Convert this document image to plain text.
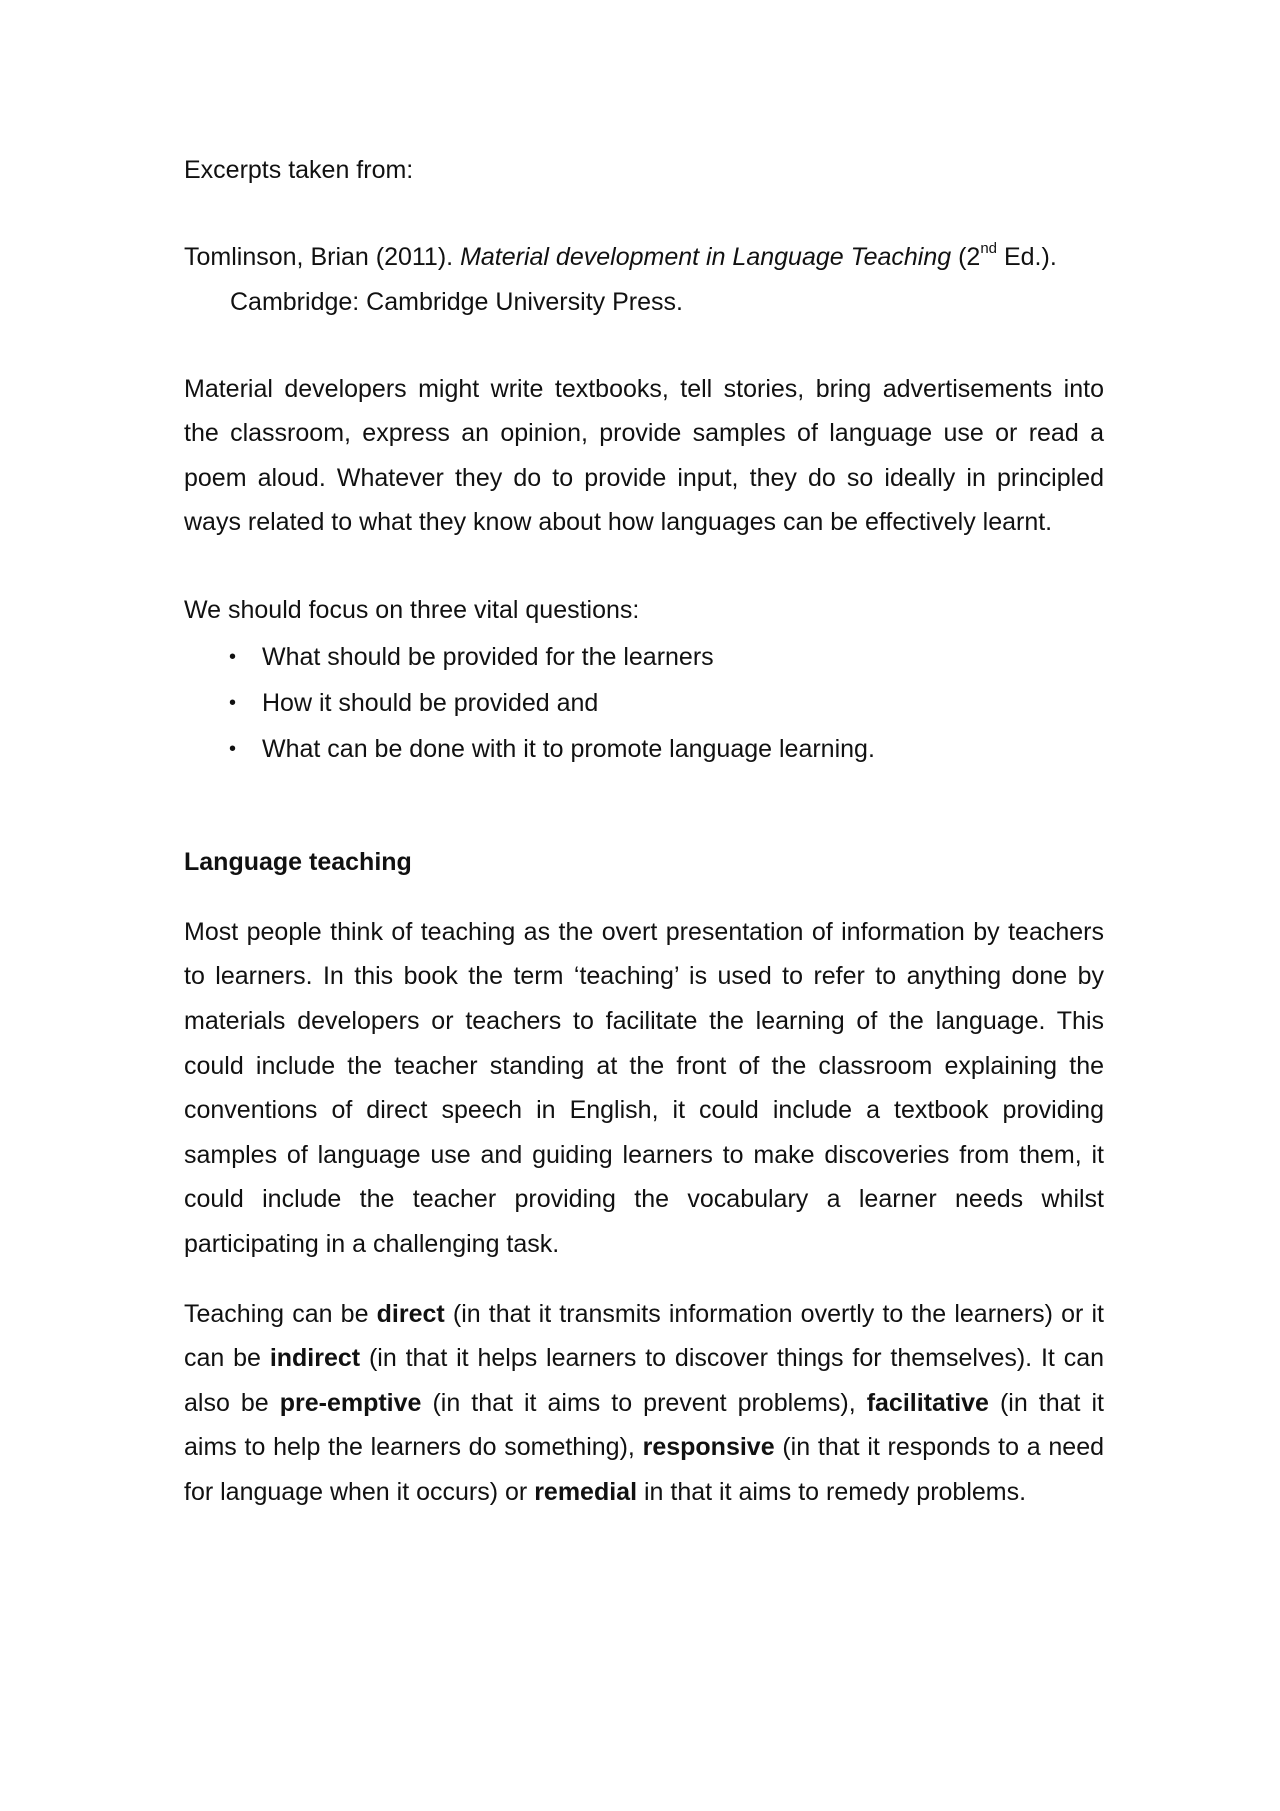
Excerpts taken from:

Tomlinson, Brian (2011). Material development in Language Teaching (2nd Ed.). Cambridge: Cambridge University Press.

Material developers might write textbooks, tell stories, bring advertisements into the classroom, express an opinion, provide samples of language use or read a poem aloud. Whatever they do to provide input, they do so ideally in principled ways related to what they know about how languages can be effectively learnt.

We should focus on three vital questions:

• What should be provided for the learners
• How it should be provided and
• What can be done with it to promote language learning.

Language teaching

Most people think of teaching as the overt presentation of information by teachers to learners. In this book the term ‘teaching’ is used to refer to anything done by materials developers or teachers to facilitate the learning of the language. This could include the teacher standing at the front of the classroom explaining the conventions of direct speech in English, it could include a textbook providing samples of language use and guiding learners to make discoveries from them, it could include the teacher providing the vocabulary a learner needs whilst participating in a challenging task.

Teaching can be direct (in that it transmits information overtly to the learners) or it can be indirect (in that it helps learners to discover things for themselves). It can also be pre-emptive (in that it aims to prevent problems), facilitative (in that it aims to help the learners do something), responsive (in that it responds to a need for language when it occurs) or remedial in that it aims to remedy problems.
